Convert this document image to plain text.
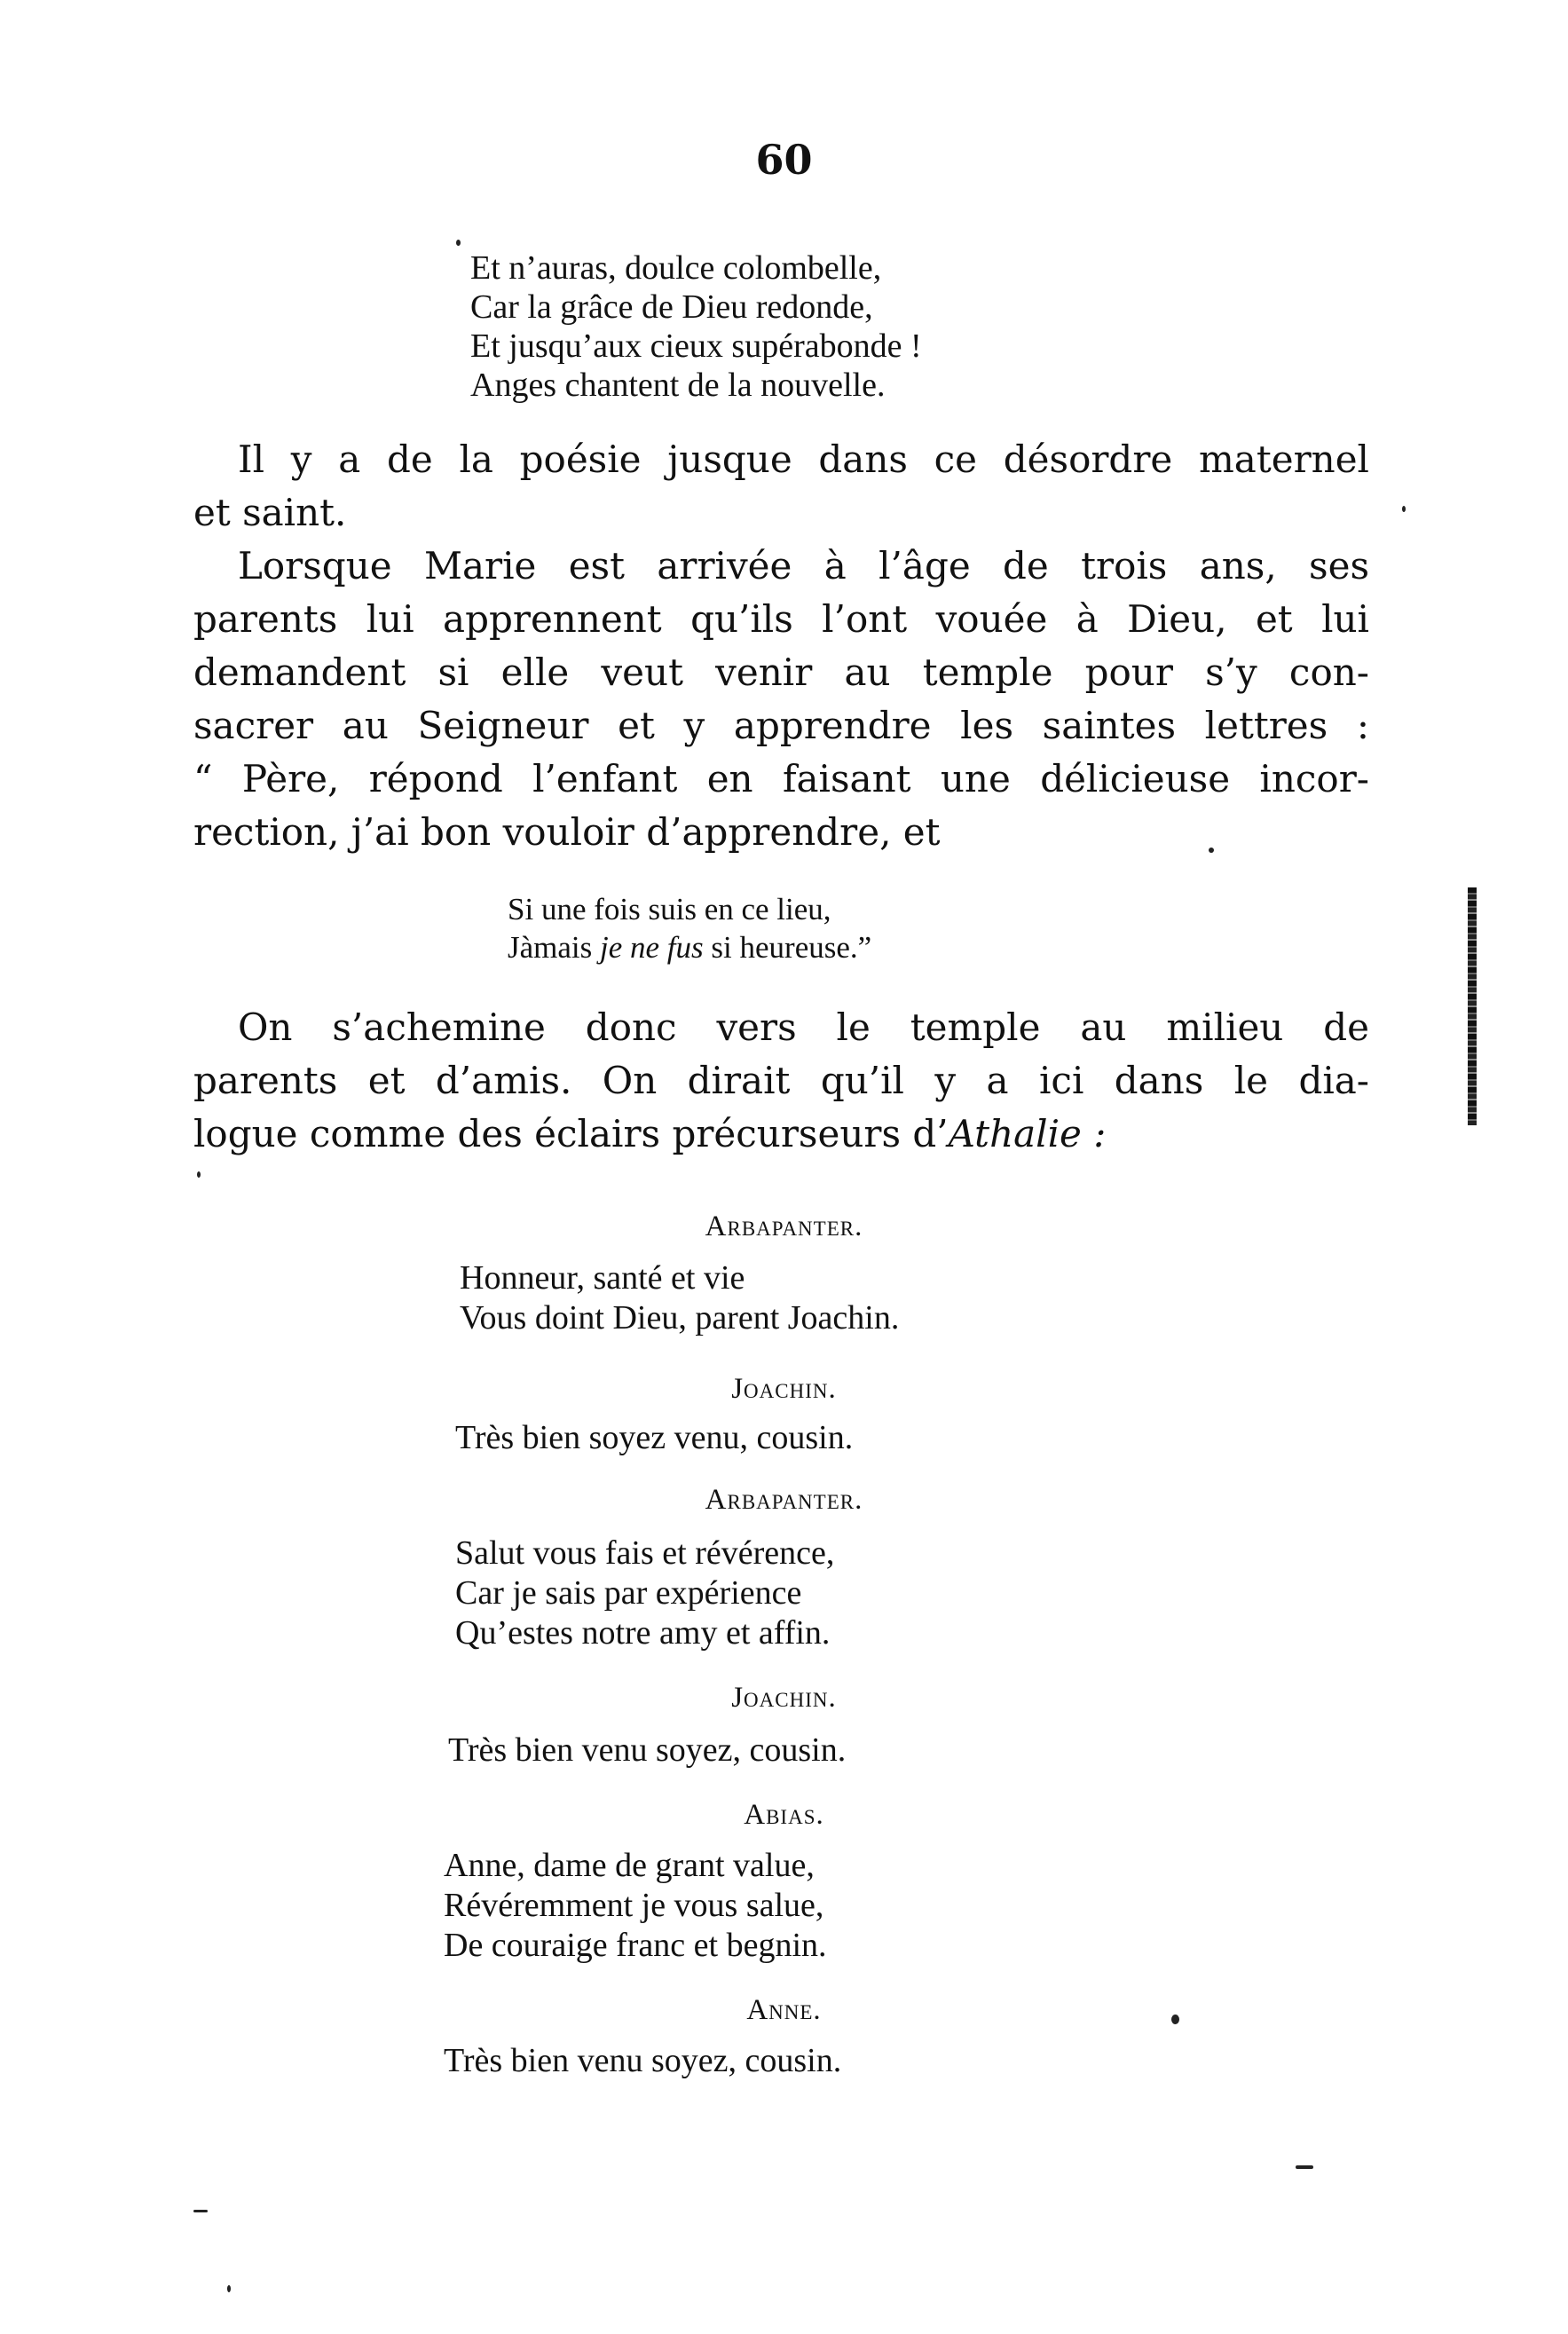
60
Et n’auras, doulce colombelle,
Car la grâce de Dieu redonde,
Et jusqu’aux cieux supérabonde !
Anges chantent de la nouvelle.
Il y a de la poésie jusque dans ce désordre maternel
et saint.
Lorsque Marie est arrivée à l’âge de trois ans, ses
parents lui apprennent qu’ils l’ont vouée à Dieu, et lui
demandent si elle veut venir au temple pour s’y con-
sacrer au Seigneur et y apprendre les saintes lettres :
“ Père, répond l’enfant en faisant une délicieuse incor-
rection, j’ai bon vouloir d’apprendre, et
Si une fois suis en ce lieu,
Jàmais je ne fus si heureuse.”
On s’achemine donc vers le temple au milieu de
parents et d’amis. On dirait qu’il y a ici dans le dia-
logue comme des éclairs précurseurs d’Athalie :
Arbapanter.
Honneur, santé et vie
Vous doint Dieu, parent Joachin.
Joachin.
Très bien soyez venu, cousin.
Arbapanter.
Salut vous fais et révérence,
Car je sais par expérience
Qu’estes notre amy et affin.
Joachin.
Très bien venu soyez, cousin.
Abias.
Anne, dame de grant value,
Révéremment je vous salue,
De couraige franc et begnin.
Anne.
Très bien venu soyez, cousin.
